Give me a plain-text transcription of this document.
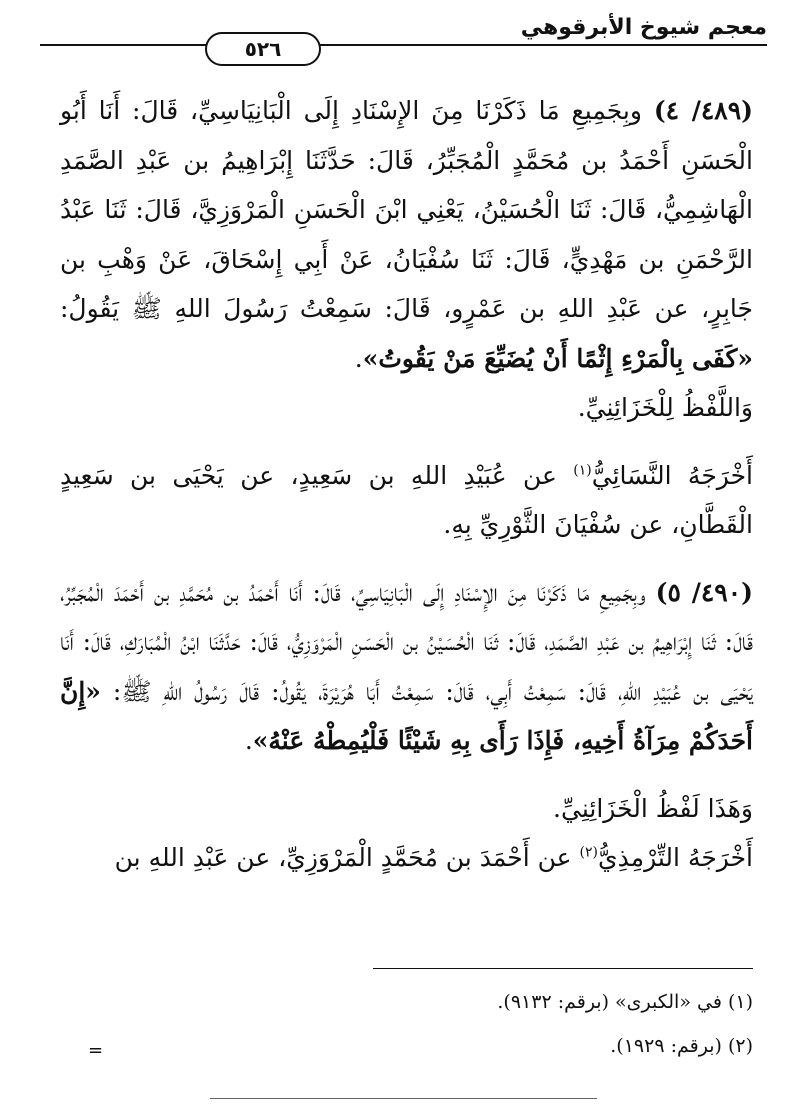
معجم شيوخ الأبرقوهي
٥٢٦

(٤٨٩/ ٤) وبِجَمِيعِ مَا ذَكَرْنَا مِنَ الإِسْنَادِ إِلَى الْبَانِيَاسِيِّ، قَالَ: أَنَا أَبُو الْحَسَنِ أَحْمَدُ بن مُحَمَّدٍ الْمُجَبِّرُ، قَالَ: حَدَّثَنَا إِبْرَاهِيمُ بن عَبْدِ الصَّمَدِ الْهَاشِمِيُّ، قَالَ: ثَنَا الْحُسَيْنُ، يَعْنِي ابْنَ الْحَسَنِ الْمَرْوَزِيَّ، قَالَ: ثَنَا عَبْدُ الرَّحْمَنِ بن مَهْدِيٍّ، قَالَ: ثَنَا سُفْيَانُ، عَنْ أَبِي إِسْحَاقَ، عَنْ وَهْبِ بن جَابِرٍ، عن عَبْدِ اللهِ بن عَمْرٍو، قَالَ: سَمِعْتُ رَسُولَ اللهِ ﷺ يَقُولُ: «كَفَى بِالْمَرْءِ إِثْمًا أَنْ يُضَيِّعَ مَنْ يَقُوتُ».

وَاللَّفْظُ لِلْخَزَائِنِيِّ.

أَخْرَجَهُ النَّسَائِيُّ$^{(١)}$ عن عُبَيْدِ اللهِ بن سَعِيدٍ، عن يَحْيَى بن سَعِيدٍ الْقَطَّانِ، عن سُفْيَانَ الثَّوْرِيِّ بِهِ.

(٤٩٠/ ٥) وبِجَمِيعِ مَا ذَكَرْنَا مِنَ الإِسْنَادِ إِلَى الْبَانِيَاسِيِّ، قَالَ: أَنَا أَحْمَدُ بن مُحَمَّدِ بن أَحْمَدَ الْمُجَبِّرُ، قَالَ: ثَنَا إِبْرَاهِيمُ بن عَبْدِ الصَّمَدِ، قَالَ: ثَنَا الْحُسَيْنُ بن الْحَسَنِ الْمَرْوَزِيُّ، قَالَ: حَدَّثَنَا ابْنُ الْمُبَارَكِ، قَالَ: أَنَا يَحْيَى بن عُبَيْدِ اللهِ، قَالَ: سَمِعْتُ أَبِي، قَالَ: سَمِعْتُ أَبَا هُرَيْرَةَ، يَقُولُ: قَالَ رَسُولُ اللهِ ﷺ: «إِنَّ أَحَدَكُمْ مِرَآةُ أَخِيهِ، فَإِذَا رَأَى بِهِ شَيْئًا فَلْيُمِطْهُ عَنْهُ».

وَهَذَا لَفْظُ الْخَزَائِنِيِّ.

أَخْرَجَهُ التِّرْمِذِيُّ$^{(٢)}$ عن أَحْمَدَ بن مُحَمَّدٍ الْمَرْوَزِيِّ، عن عَبْدِ اللهِ بن

(١) في «الكبرى» (برقم: ٩١٣٢).

(٢) (برقم: ١٩٢٩).

=
